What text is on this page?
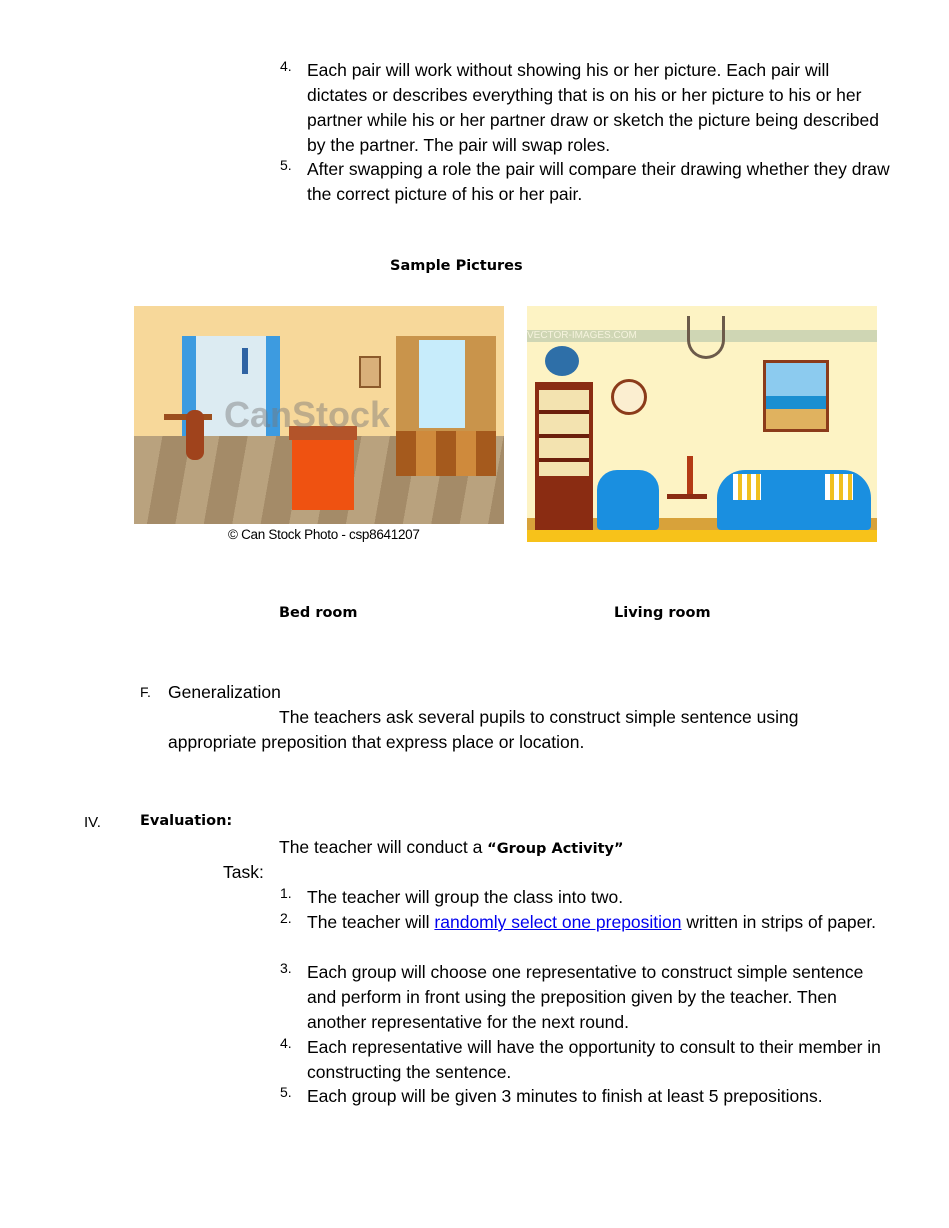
4. Each pair will work without showing his or her picture. Each pair will dictates or describes everything that is on his or her picture to his or her partner while his or her partner draw or sketch the picture being described by the partner. The pair will swap roles.
5. After swapping a role the pair will compare their drawing whether they draw the correct picture of his or her pair.
Sample Pictures
CanStock
© Can Stock Photo - csp8641207
VECTOR-IMAGES.COM
Bed room	Living room
F. Generalization
The teachers ask several pupils to construct simple sentence using
appropriate preposition that express place or location.
IV.	Evaluation:
The teacher will conduct a “Group Activity”
Task:
1. The teacher will group the class into two.
2. The teacher will randomly select one preposition written in strips of paper.
3. Each group will choose one representative to construct simple sentence and perform in front using the preposition given by the teacher. Then another representative for the next round.
4. Each representative will have the opportunity to consult to their member in constructing the sentence.
5. Each group will be given 3 minutes to finish at least 5 prepositions.
